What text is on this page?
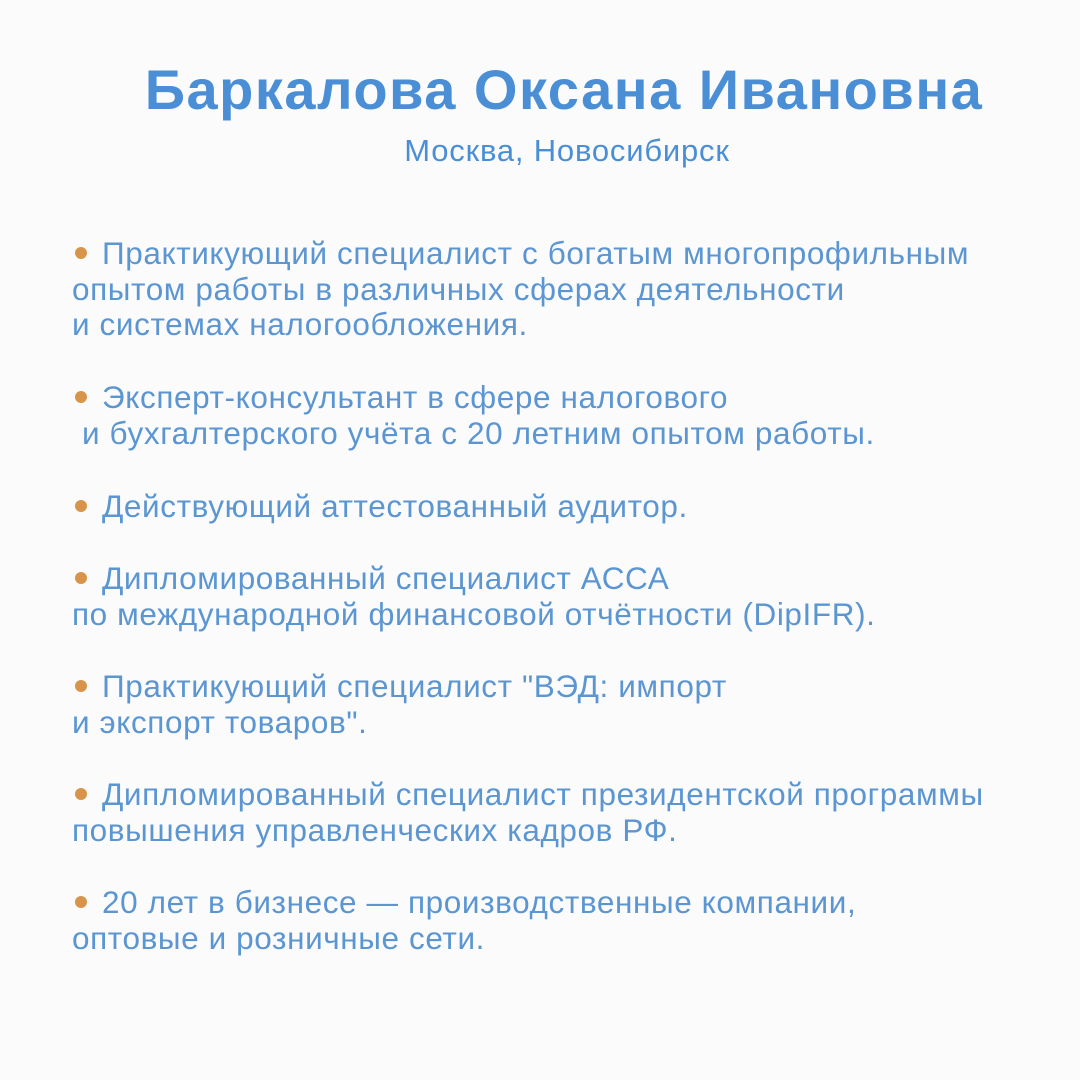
Баркалова Оксана Ивановна

Москва, Новосибирск

Практикующий специалист с богатым многопрофильным
опытом работы в различных сферах деятельности
и системах налогообложения.

Эксперт-консультант в сфере налогового
и бухгалтерского учёта с 20 летним опытом работы.

Действующий аттестованный аудитор.

Дипломированный специалист АССА
по международной финансовой отчётности (DipIFR).

Практикующий специалист "ВЭД: импорт
и экспорт товаров".

Дипломированный специалист президентской программы
повышения управленческих кадров РФ.

20 лет в бизнесе — производственные компании,
оптовые и розничные сети.
